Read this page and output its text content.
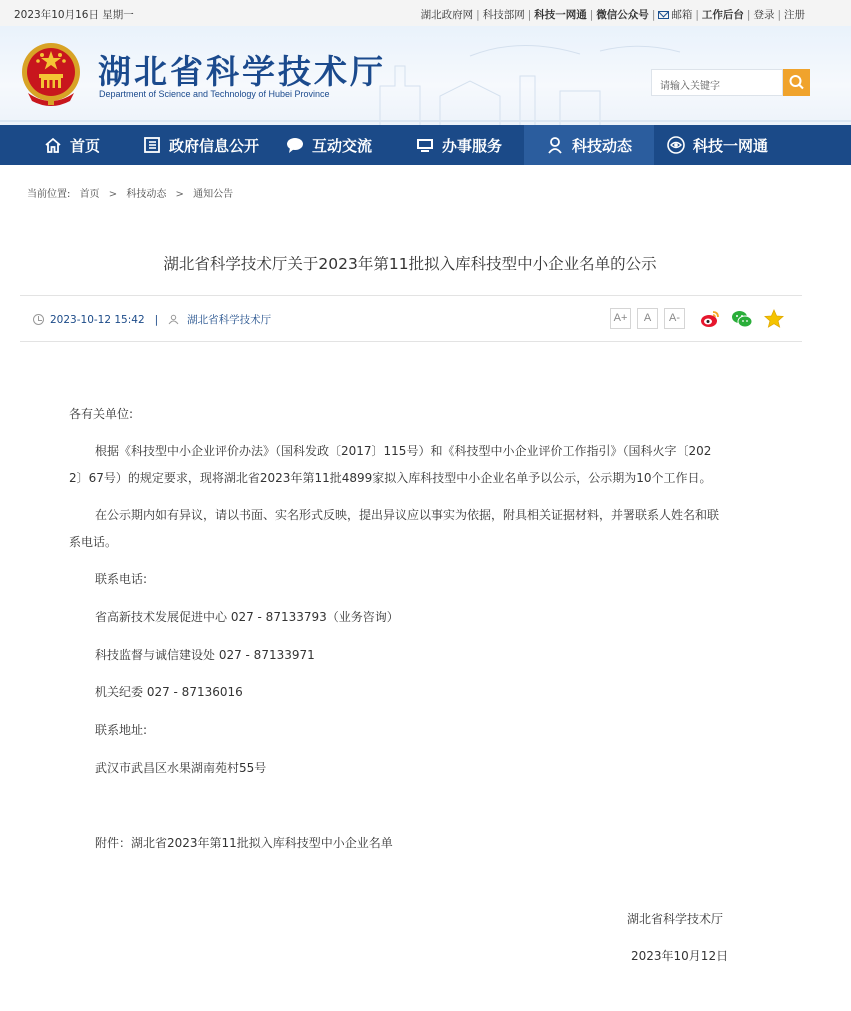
2023年10月16日 星期一	湖北政府网 | 科技部网 | 科技一网通 | 微信公众号 | 邮箱 | 工作后台 | 登录 | 注册
湖北省科学技术厅
Department of Science and Technology of Hubei Province
请输入关键字
首页	政府信息公开	互动交流	办事服务	科技动态	科技一网通
当前位置: 首页 > 科技动态 > 通知公告
湖北省科学技术厅关于2023年第11批拟入库科技型中小企业名单的公示
2023-10-12 15:42 |	湖北省科学技术厅	A+	A	A-

各有关单位:

根据《科技型中小企业评价办法》（国科发政〔2017〕115号）和《科技型中小企业评价工作指引》（国科火字〔202

2〕67号）的规定要求，现将湖北省2023年第11批4899家拟入库科技型中小企业名单予以公示，公示期为10个工作日。

在公示期内如有异议，请以书面、实名形式反映，提出异议应以事实为依据，附具相关证据材料，并署联系人姓名和联

系电话。

联系电话:

省高新技术发展促进中心 027 - 87133793（业务咨询）

科技监督与诚信建设处 027 - 87133971

机关纪委 027 - 87136016

联系地址:

武汉市武昌区水果湖南苑村55号

附件：湖北省2023年第11批拟入库科技型中小企业名单

湖北省科学技术厅

2023年10月12日
